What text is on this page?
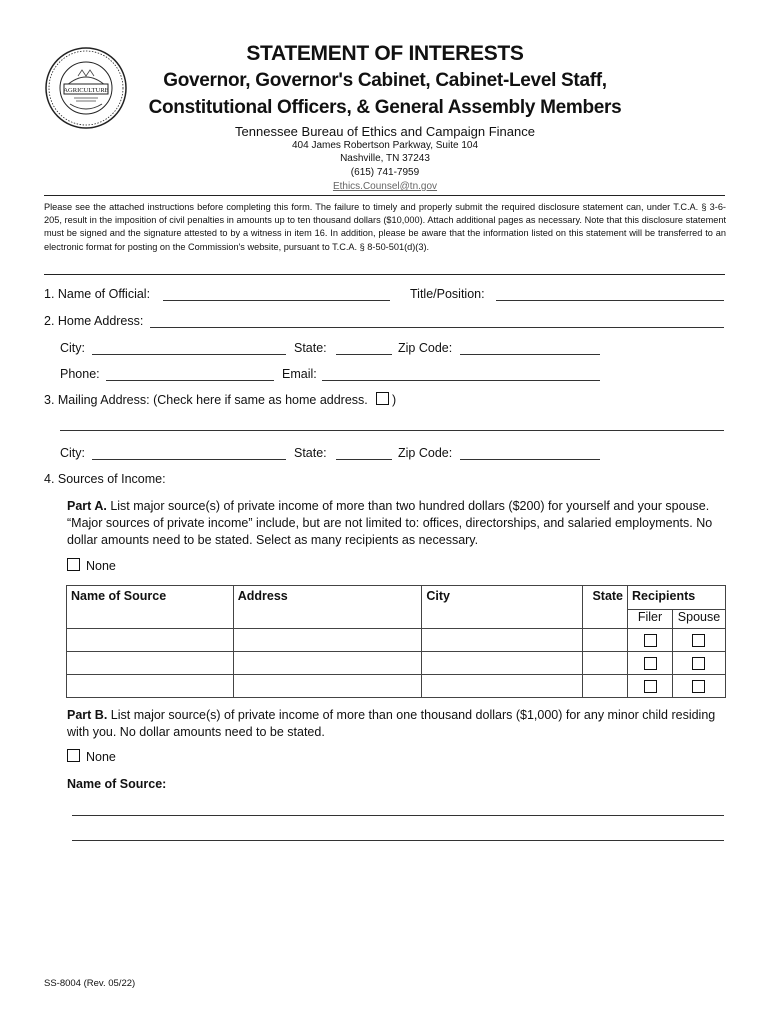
AGRICULTURE
STATEMENT OF INTERESTS
Governor, Governor's Cabinet, Cabinet-Level Staff,
Constitutional Officers, & General Assembly Members
Tennessee Bureau of Ethics and Campaign Finance
404 James Robertson Parkway, Suite 104
Nashville, TN 37243
(615) 741-7959
Ethics.Counsel@tn.gov
Please see the attached instructions before completing this form. The failure to timely and properly submit the required disclosure statement can, under T.C.A. § 3-6-205, result in the imposition of civil penalties in amounts up to ten thousand dollars ($10,000). Attach additional pages as necessary. Note that this disclosure statement must be signed and the signature attested to by a witness in item 16. In addition, please be aware that the information listed on this statement will be transferred to an electronic format for posting on the Commission's website, pursuant to T.C.A. § 8-50-501(d)(3).
1. Name of Official:	Title/Position:
2. Home Address:
City:	State:	Zip Code:
Phone:	Email:
3. Mailing Address: (Check here if same as home address. )
City:	State:	Zip Code:
4. Sources of Income:
Part A. List major source(s) of private income of more than two hundred dollars ($200) for yourself and your spouse. “Major sources of private income” include, but are not limited to: offices, directorships, and salaried employments. No dollar amounts need to be stated. Select as many recipients as necessary.
None
Name of Source	Address	City	State	Recipients	
				Filer	Spouse

Part B. List major source(s) of private income of more than one thousand dollars ($1,000) for any minor child residing with you. No dollar amounts need to be stated.
None
Name of Source:
SS-8004 (Rev. 05/22)
